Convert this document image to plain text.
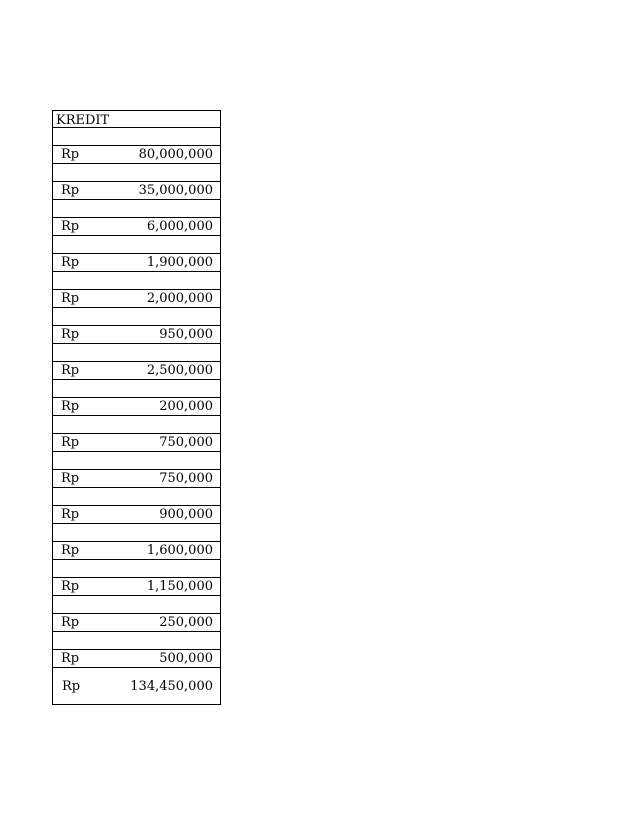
KREDIT
Rp	80,000,000
Rp	35,000,000
Rp	6,000,000
Rp	1,900,000
Rp	2,000,000
Rp	950,000
Rp	2,500,000
Rp	200,000
Rp	750,000
Rp	750,000
Rp	900,000
Rp	1,600,000
Rp	1,150,000
Rp	250,000
Rp	500,000
Rp	134,450,000
